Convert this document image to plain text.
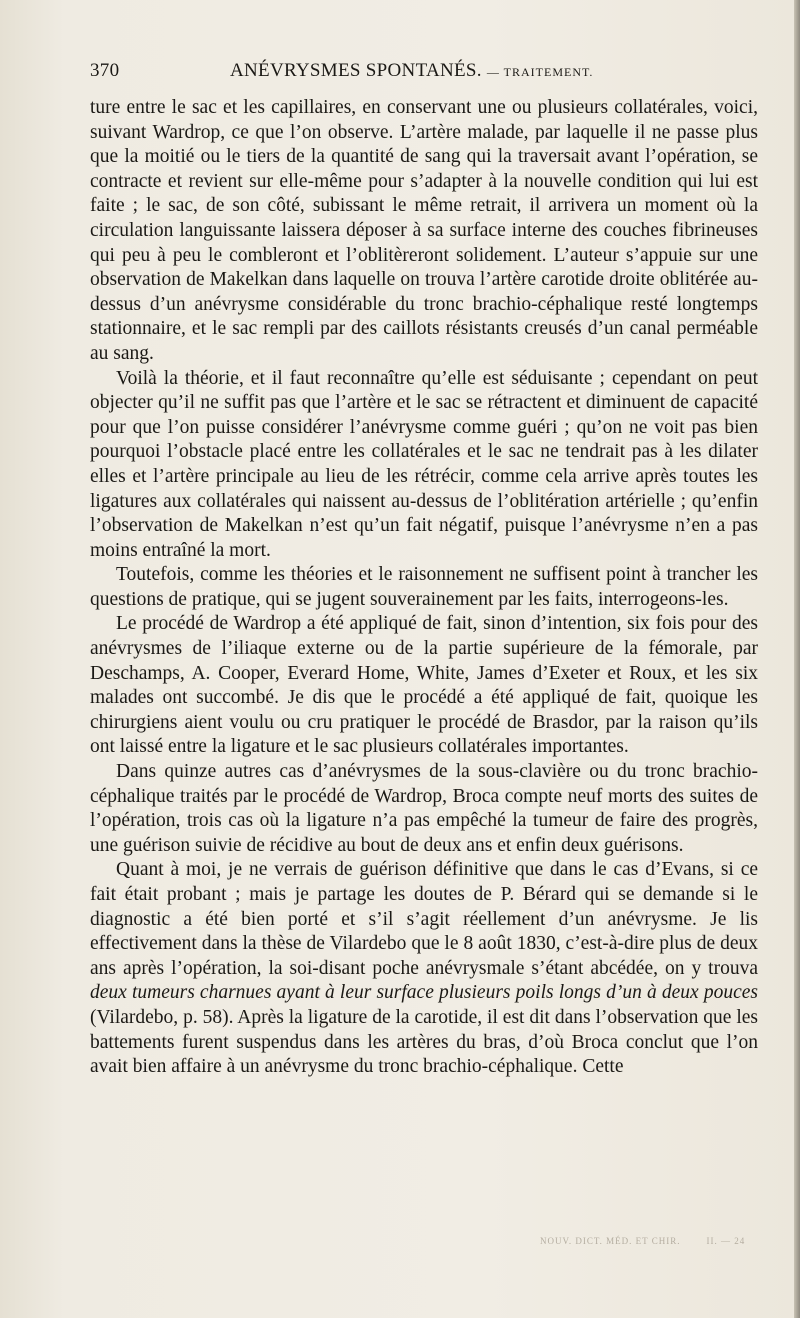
370	ANÉVRYSMES SPONTANÉS. — TRAITEMENT.

ture entre le sac et les capillaires, en conservant une ou plusieurs collatérales, voici, suivant Wardrop, ce que l’on observe. L’artère malade, par laquelle il ne passe plus que la moitié ou le tiers de la quantité de sang qui la traversait avant l’opération, se contracte et revient sur elle-même pour s’adapter à la nouvelle condition qui lui est faite ; le sac, de son côté, subissant le même retrait, il arrivera un moment où la circulation languissante laissera déposer à sa surface interne des couches fibrineuses qui peu à peu le combleront et l’oblitèreront solidement. L’auteur s’appuie sur une observation de Makelkan dans laquelle on trouva l’artère carotide droite oblitérée au-dessus d’un anévrysme considérable du tronc brachio-céphalique resté longtemps stationnaire, et le sac rempli par des caillots résistants creusés d’un canal perméable au sang.

Voilà la théorie, et il faut reconnaître qu’elle est séduisante ; cependant on peut objecter qu’il ne suffit pas que l’artère et le sac se rétractent et diminuent de capacité pour que l’on puisse considérer l’anévrysme comme guéri ; qu’on ne voit pas bien pourquoi l’obstacle placé entre les collatérales et le sac ne tendrait pas à les dilater elles et l’artère principale au lieu de les rétrécir, comme cela arrive après toutes les ligatures aux collatérales qui naissent au-dessus de l’oblitération artérielle ; qu’enfin l’observation de Makelkan n’est qu’un fait négatif, puisque l’anévrysme n’en a pas moins entraîné la mort.

Toutefois, comme les théories et le raisonnement ne suffisent point à trancher les questions de pratique, qui se jugent souverainement par les faits, interrogeons-les.

Le procédé de Wardrop a été appliqué de fait, sinon d’intention, six fois pour des anévrysmes de l’iliaque externe ou de la partie supérieure de la fémorale, par Deschamps, A. Cooper, Everard Home, White, James d’Exeter et Roux, et les six malades ont succombé. Je dis que le procédé a été appliqué de fait, quoique les chirurgiens aient voulu ou cru pratiquer le procédé de Brasdor, par la raison qu’ils ont laissé entre la ligature et le sac plusieurs collatérales importantes.

Dans quinze autres cas d’anévrysmes de la sous-clavière ou du tronc brachio-céphalique traités par le procédé de Wardrop, Broca compte neuf morts des suites de l’opération, trois cas où la ligature n’a pas empêché la tumeur de faire des progrès, une guérison suivie de récidive au bout de deux ans et enfin deux guérisons.

Quant à moi, je ne verrais de guérison définitive que dans le cas d’Evans, si ce fait était probant ; mais je partage les doutes de P. Bérard qui se demande si le diagnostic a été bien porté et s’il s’agit réellement d’un anévrysme. Je lis effectivement dans la thèse de Vilardebo que le 8 août 1830, c’est-à-dire plus de deux ans après l’opération, la soi-disant poche anévrysmale s’étant abcédée, on y trouva deux tumeurs charnues ayant à leur surface plusieurs poils longs d’un à deux pouces (Vilardebo, p. 58). Après la ligature de la carotide, il est dit dans l’observation que les battements furent suspendus dans les artères du bras, d’où Broca conclut que l’on avait bien affaire à un anévrysme du tronc brachio-céphalique. Cette

NOUV. DICT. MÉD. ET CHIR.	II. — 24
